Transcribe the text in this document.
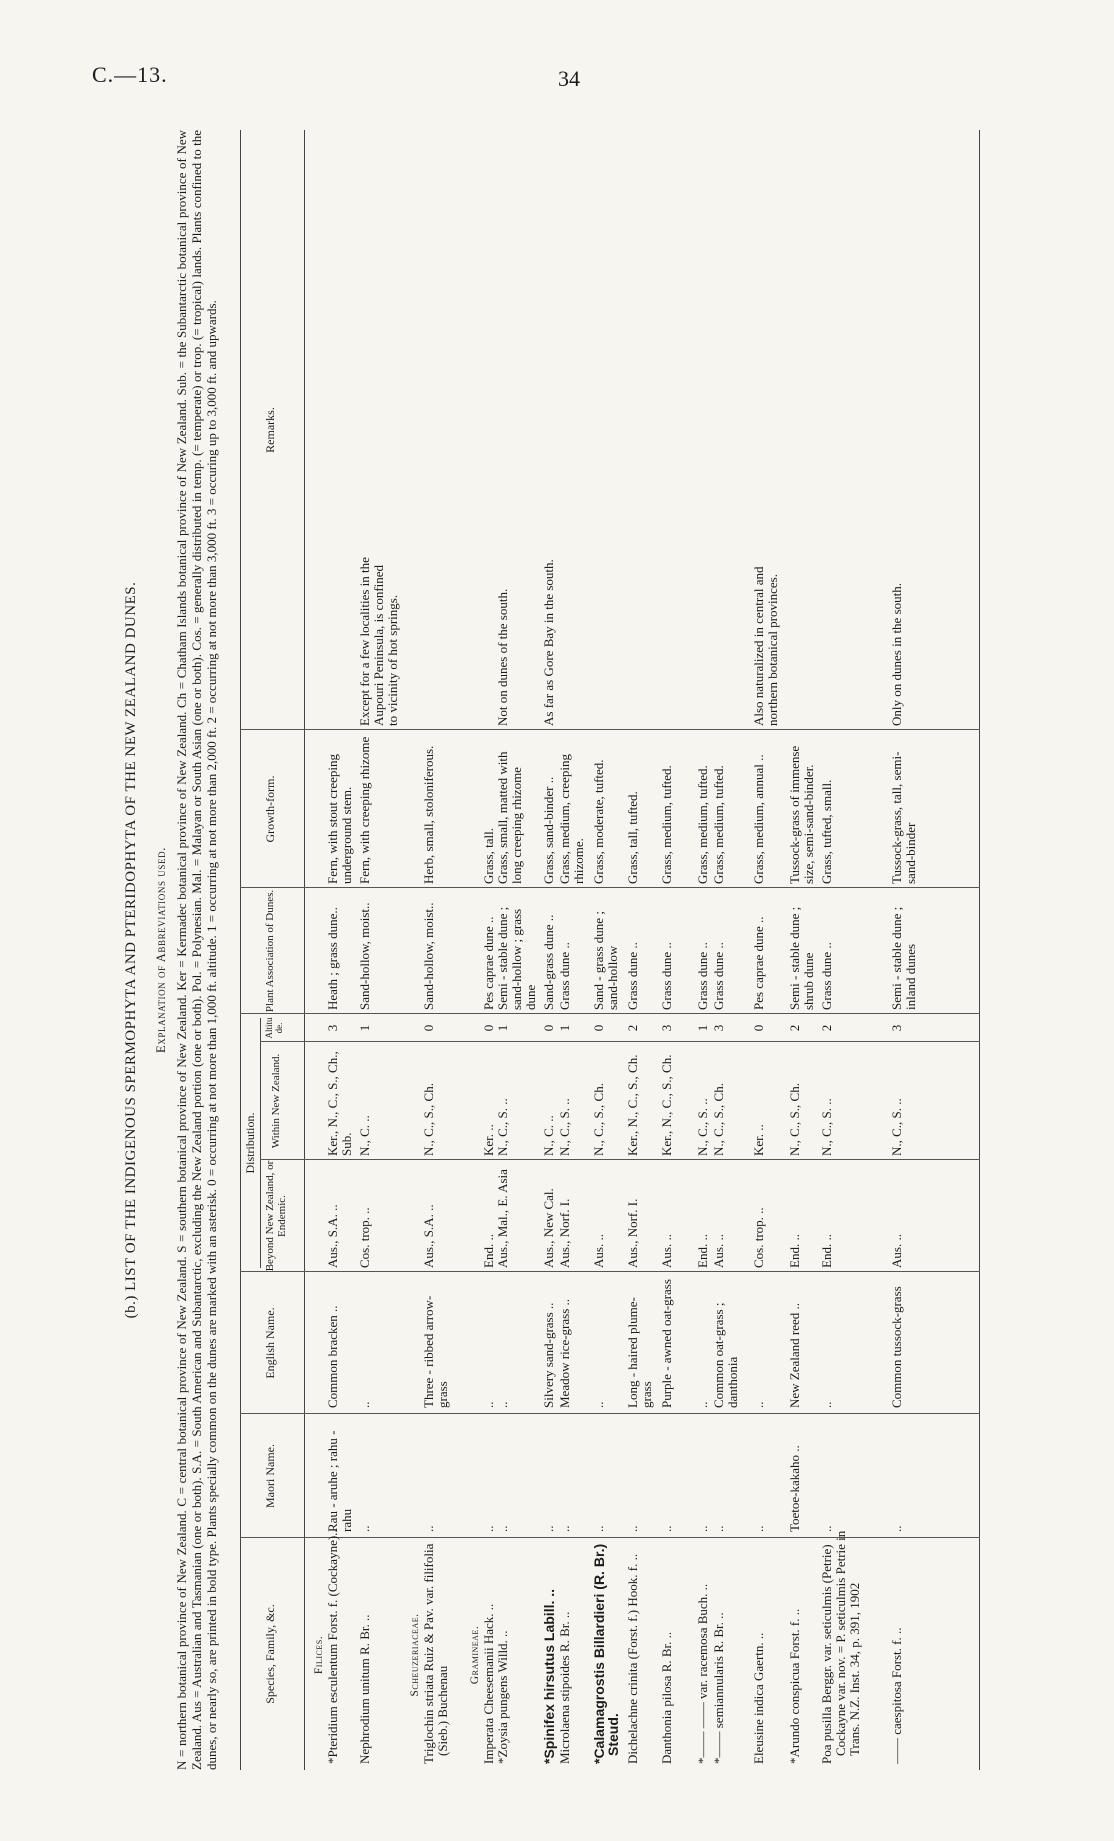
C.—13.	34
(b.) LIST OF THE INDIGENOUS SPERMOPHYTA AND PTERIDOPHYTA OF THE NEW ZEALAND DUNES. Explanation of Abbreviations used. N = northern botanical province of New Zealand. C = central botanical province of New Zealand. S = southern botanical province of New Zealand. Ker = Kermadec botanical province of New Zealand. Ch = Chatham Islands botanical province of New Zealand. Sub. = the Subantarctic botanical province of New Zealand. Aus = Australian and Tasmanian (one or both). S.A. = South American and Subantarctic, excluding the New Zealand portion (one or both). Pol. = Polynesian. Mal. = Malayan or South Asian (one or both). Cos. = generally distributed in temp. (= temperate) or trop. (= tropical) lands. Plants confined to the dunes, or nearly so, are printed in bold type. Plants specially common on the dunes are marked with an asterisk. 0 = occurring at not more than 1,000 ft. altitude. 1 = occurring at not more than 2,000 ft. 2 = occurring at not more than 3,000 ft. 3 = occuring up to 3,000 ft. and upwards.	Species, Family, &c.
Maori Name.
English Name.
Distribution.
Beyond New Zealand, or Endemic.
Within New Zealand.
Altitude.
Plant Association of Dunes.
Growth-form.
Remarks.
Filices. *Pteridium esculentum Forst. f. (Cockayne)..
Rau - aruhe ; rahu - rahu
Common bracken ..
Aus., S.A. ..
Ker., N., C., S., Ch., Sub.
3
Heath ; grass dune..
Fern, with stout creeping underground stem.
Nephrodium unitum R. Br. ..
..
..
Cos. trop. ..
N., C. ..
1
Sand-hollow, moist..
Fern, with creeping rhizome
Except for a few localities in the Aupouri Peninsula, is confined to vicinity of hot springs.
Scheuzeriaceae. Triglochin striata Ruiz & Pav. var. filifolia (Sieb.) Buchenau
..
Three - ribbed arrow-grass
Aus., S.A. ..
N., C., S., Ch.
0
Sand-hollow, moist..
Herb, small, stoloniferous.
Gramineae. Imperata Cheesemanii Hack. ..
..
..
End. ..
Ker. ..
0
Pes caprae dune ..
Grass, tall.
*Zoysia pungens Willd. ..
..
..
Aus., Mal., E. Asia
N., C., S. ..
1
Semi - stable dune ; sand-hollow ; grass dune
Grass, small, matted with long creeping rhizome
Not on dunes of the south.
*Spinifex hirsutus Labill. ..
..
Silvery sand-grass ..
Aus., New Cal.
N., C. ..
0
Sand-grass dune ..
Grass, sand-binder ..
As far as Gore Bay in the south.
Microlaena stipoides R. Br. ..
..
Meadow rice-grass ..
Aus., Norf. I.
N., C., S. ..
1
Grass dune ..
Grass, medium, creeping rhizome.
*Calamagrostis Billardieri (R. Br.) Steud.
..
..
Aus. ..
N., C., S., Ch.
0
Sand - grass dune ; sand-hollow
Grass, moderate, tufted.
Dichelachne crinita (Forst. f.) Hook. f. ..
..
Long - haired plume-grass
Aus., Norf. I.
Ker., N., C., S., Ch.
2
Grass dune ..
Grass, tall, tufted.
Danthonia pilosa R. Br. ..
..
Purple - awned oat-grass
Aus. ..
Ker., N., C., S., Ch.
3
Grass dune ..
Grass, medium, tufted.
*—— —— var. racemosa Buch. ..
..
..
End. ..
N., C., S. ..
1
Grass dune ..
Grass, medium, tufted.
*—— semiannularis R. Br. ..
..
Common oat-grass ; danthonia
Aus. ..
N., C., S., Ch.
3
Grass dune ..
Grass, medium, tufted.
Eleusine indica Gaertn. ..
..
..
Cos. trop. ..
Ker. ..
0
Pes caprae dune ..
Grass, medium, annual ..
Also naturalized in central and northern botanical provinces.
*Arundo conspicua Forst. f. ..
Toetoe-kakaho ..
New Zealand reed ..
End. ..
N., C., S., Ch.
2
Semi - stable dune ; shrub dune
Tussock-grass of immense size, semi-sand-binder.
Poa pusilla Berggr. var. seticulmis (Petrie) Cockayne var. nov. = P. seticulmis Petrie in Trans. N.Z. Inst. 34, p. 391, 1902
..
..
End. ..
N., C., S. ..
2
Grass dune ..
Grass, tufted, small.
—— caespitosa Forst. f. ..
..
Common tussock-grass
Aus. ..
N., C., S. ..
3
Semi - stable dune ; inland dunes
Tussock-grass, tall, semi-sand-binder
Only on dunes in the south.
